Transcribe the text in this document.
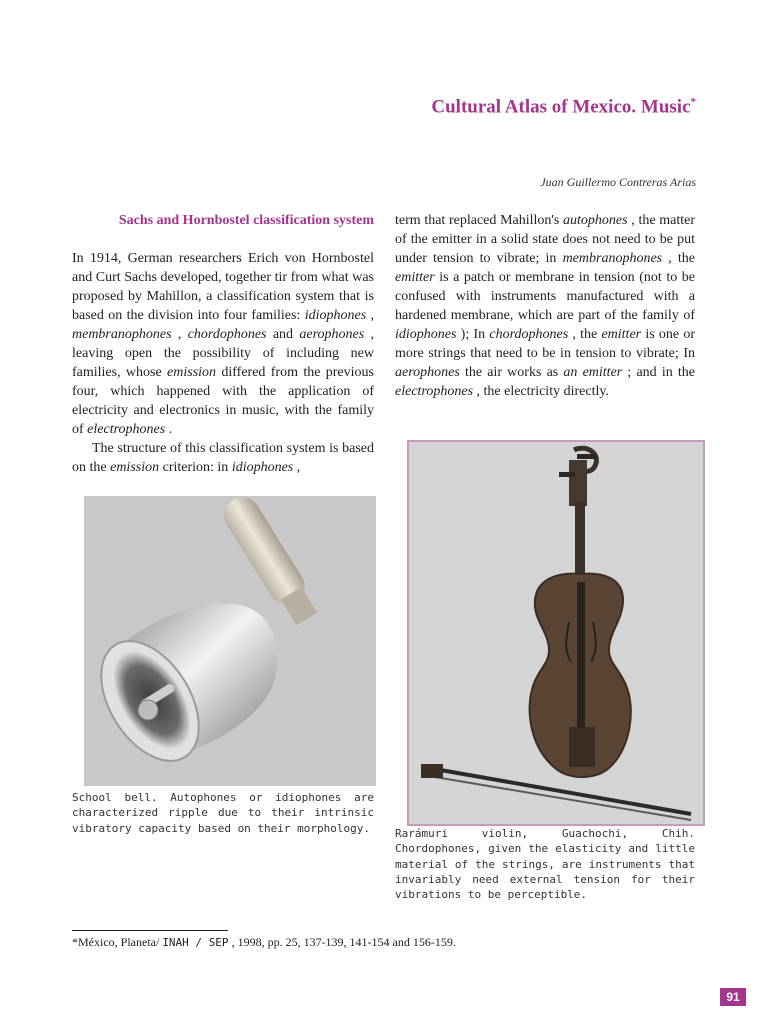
Cultural Atlas of Mexico. Music*
Juan Guillermo Contreras Arias
Sachs and Hornbostel classification system

In 1914, German researchers Erich von Hornbostel and Curt Sachs developed, together tir from what was proposed by Mahillon, a classification system that is based on the division into four families: idiophones , membranophones , chordophones and aerophones , leaving open the possibility of including new families, whose emission differed from the previous four, which happened with the application of electricity and electronics in music, with the family of electrophones .

The structure of this classification system is based on the emission criterion: in idiophones ,

term that replaced Mahillon's autophones , the matter of the emitter in a solid state does not need to be put under tension to vibrate; in membranophones , the emitter is a patch or membrane in tension (not to be confused with instruments manufactured with a hardened membrane, which are part of the family of idiophones ); In chordophones , the emitter is one or more strings that need to be in tension to vibrate; In aerophones the air works as an emitter ; and in the electrophones , the electricity directly.

School bell. Autophones or idiophones are characterized ripple due to their intrinsic vibratory capacity based on their morphology.	Rarámuri violin, Guachochi, Chih. Chordophones, given the elasticity and little material of the strings, are instruments that invariably need external tension for their vibrations to be perceptible.
*México, Planeta/ INAH / SEP , 1998, pp. 25, 137-139, 141-154 and 156-159.
91
